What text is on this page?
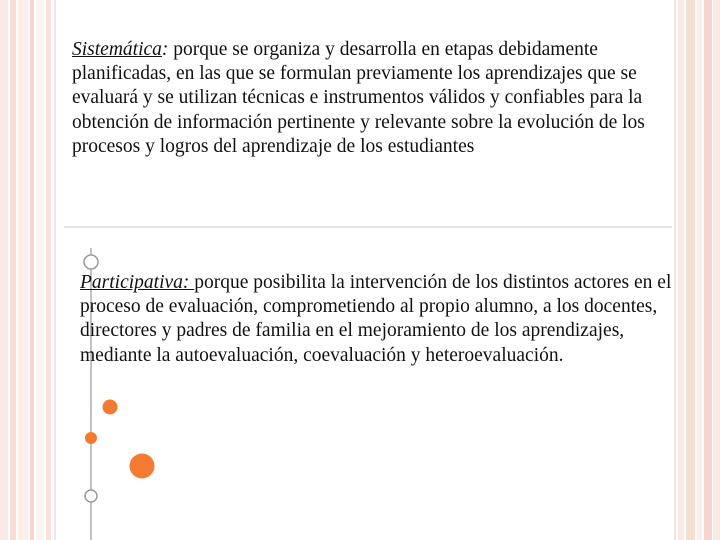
Sistemática: porque se organiza y desarrolla en etapas debidamente planificadas, en las que se formulan previamente los aprendizajes que se evaluará y se utilizan técnicas e instrumentos válidos y confiables para la obtención de información pertinente y relevante sobre la evolución de los procesos y logros del aprendizaje de los estudiantes

Participativa: porque posibilita la intervención de los distintos actores en el proceso de evaluación, comprometiendo al propio alumno, a los docentes, directores y padres de familia en el mejoramiento de los aprendizajes, mediante la autoevaluación, coevaluación y heteroevaluación.
